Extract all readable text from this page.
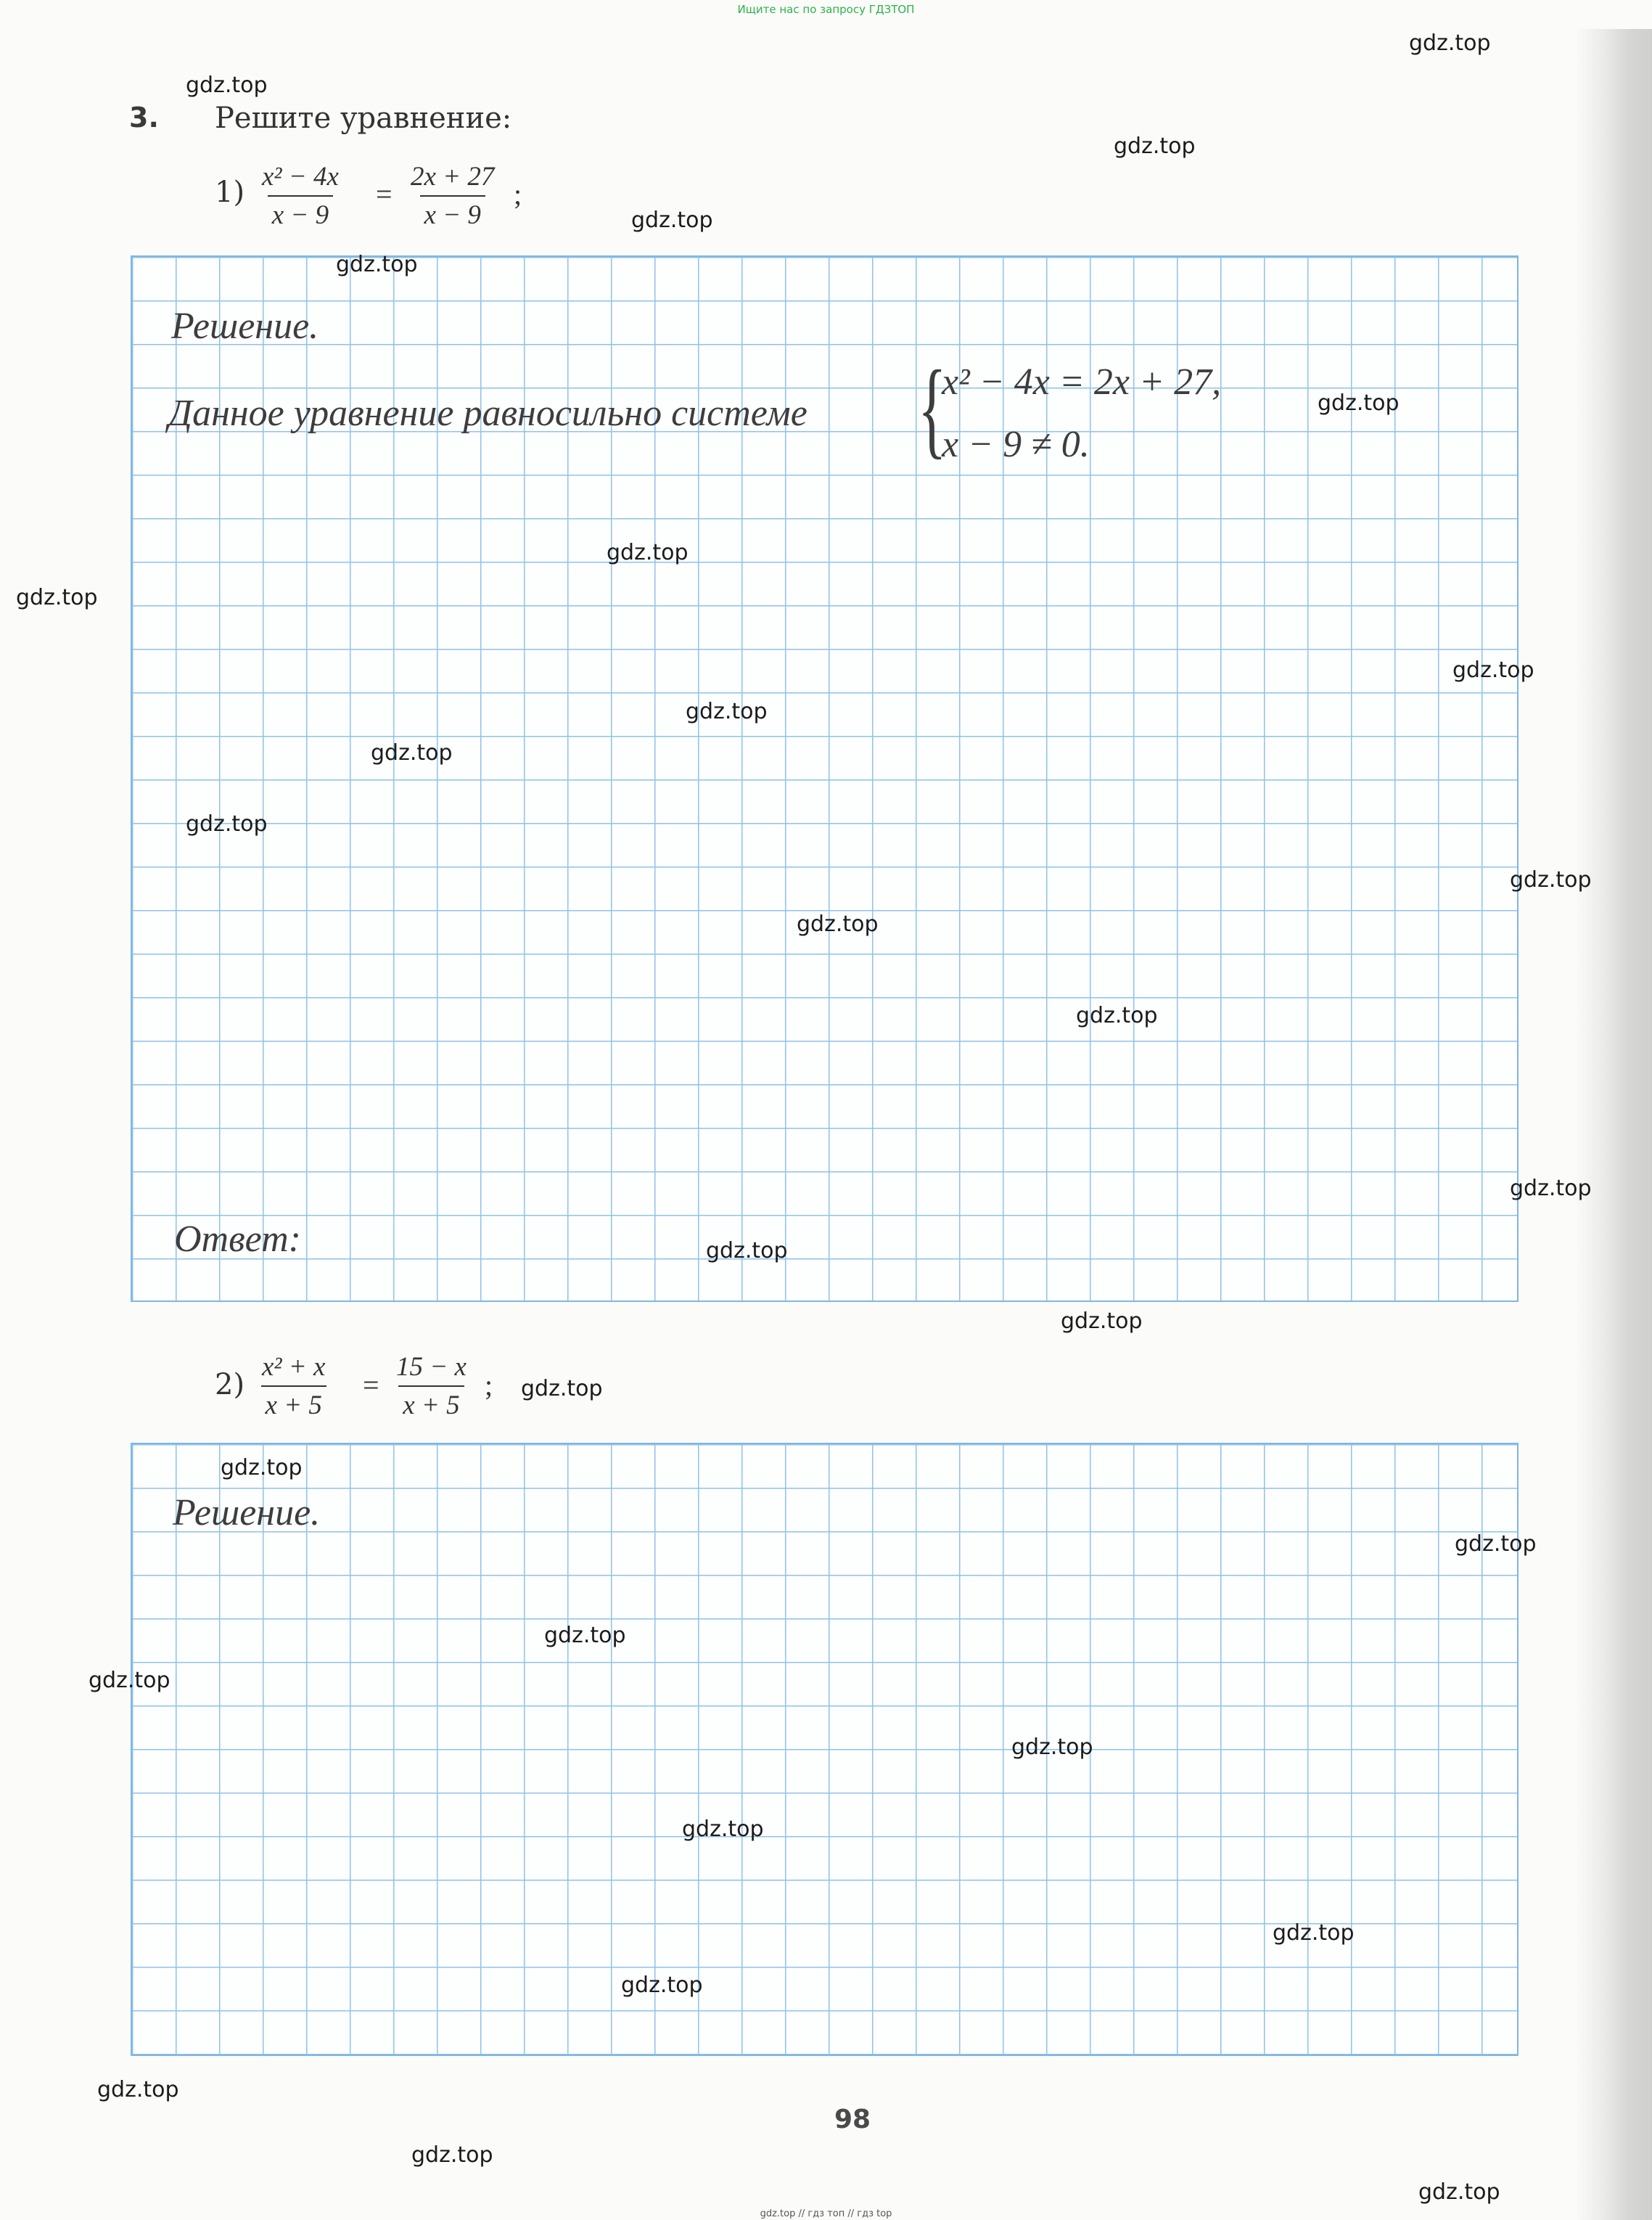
Ищите нас по запросу ГДЗТОП
3. Решите уравнение:
$1) \frac{\text{x² − 4x}}{x - 9} = \frac{2x + 27}{x - 9}$ ;
Решение.
Данное уравнение равносильно системе {
x² − 4x = 2x + 27,
x − 9 ≠ 0.
Ответ:
$2) \frac{\text{x² + x}}{x + 5} = \frac{15 - x}{x + 5}$ ;
Решение.
98
gdz.top
gdz.top
gdz.top
gdz.top
gdz.top
gdz.top
gdz.top
gdz.top
gdz.top
gdz.top
gdz.top
gdz.top
gdz.top
gdz.top
gdz.top
gdz.top
gdz.top
gdz.top
gdz.top
gdz.top
gdz.top
gdz.top
gdz.top
gdz.top
gdz.top
gdz.top
gdz.top
gdz.top
gdz.top
gdz.top
gdz.top // гдз топ // гдз top
